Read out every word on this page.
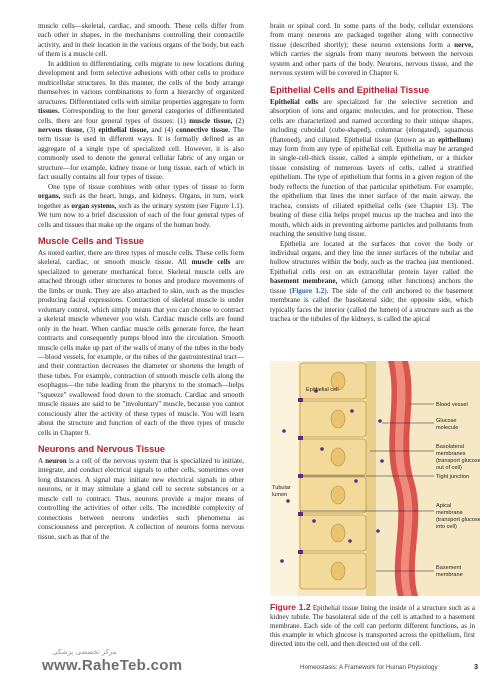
muscle cells—skeletal, cardiac, and smooth. These cells differ from each other in shapes, in the mechanisms controlling their contractile activity, and in their location in the various organs of the body, but each of them is a muscle cell.

In addition to differentiating, cells migrate to new locations during development and form selective adhesions with other cells to produce multicellular structures. In this manner, the cells of the body arrange themselves in various combinations to form a hierarchy of organized structures. Differentiated cells with similar properties aggregate to form tissues. Corresponding to the four general categories of differentiated cells, there are four general types of tissues: (1) muscle tissue, (2) nervous tissue, (3) epithelial tissue, and (4) connective tissue. The term tissue is used in different ways. It is formally defined as an aggregate of a single type of specialized cell. However, it is also commonly used to denote the general cellular fabric of any organ or structure—for example, kidney tissue or lung tissue, each of which in fact usually contains all four types of tissue.

One type of tissue combines with other types of tissue to form organs, such as the heart, lungs, and kidneys. Organs, in turn, work together as organ systems, such as the urinary system (see Figure 1.1). We turn now to a brief discussion of each of the four general types of cells and tissues that make up the organs of the human body.

Muscle Cells and Tissue

As noted earlier, there are three types of muscle cells. These cells form skeletal, cardiac, or smooth muscle tissue. All muscle cells are specialized to generate mechanical force. Skeletal muscle cells are attached through other structures to bones and produce movements of the limbs or trunk. They are also attached to skin, such as the muscles producing facial expressions. Contraction of skeletal muscle is under voluntary control, which simply means that you can choose to contract a skeletal muscle whenever you wish. Cardiac muscle cells are found only in the heart. When cardiac muscle cells generate force, the heart contracts and consequently pumps blood into the circulation. Smooth muscle cells make up part of the walls of many of the tubes in the body—blood vessels, for example, or the tubes of the gastrointestinal tract—and their contraction decreases the diameter or shortens the length of these tubes. For example, contraction of smooth muscle cells along the esophagus—the tube leading from the pharynx to the stomach—helps "squeeze" swallowed food down to the stomach. Cardiac and smooth muscle tissues are said to be "involuntary" muscle, because you cannot consciously alter the activity of these types of muscle. You will learn about the structure and function of each of the three types of muscle cells in Chapter 9.

Neurons and Nervous Tissue

A neuron is a cell of the nervous system that is specialized to initiate, integrate, and conduct electrical signals to other cells, sometimes over long distances. A signal may initiate new electrical signals in other neurons, or it may stimulate a gland cell to secrete substances or a muscle cell to contract. Thus, neurons provide a major means of controlling the activities of other cells. The incredible complexity of connections between neurons underlies such phenomena as consciousness and perception. A collection of neurons forms nervous tissue, such as that of the

brain or spinal cord. In some parts of the body, cellular extensions from many neurons are packaged together along with connective tissue (described shortly); these neuron extensions form a nerve, which carries the signals from many neurons between the nervous system and other parts of the body. Neurons, nervous tissue, and the nervous system will be covered in Chapter 6.

Epithelial Cells and Epithelial Tissue

Epithelial cells are specialized for the selective secretion and absorption of ions and organic molecules, and for protection. These cells are characterized and named according to their unique shapes, including cuboidal (cube-shaped), columnar (elongated), squamous (flattened), and ciliated. Epithelial tissue (known as an epithelium) may form from any type of epithelial cell. Epithelia may be arranged in single-cell-thick tissue, called a simple epithelium, or a thicker tissue consisting of numerous layers of cells, called a stratified epithelium. The type of epithelium that forms in a given region of the body reflects the function of that particular epithelium. For example, the epithelium that lines the inner surface of the main airway, the trachea, consists of ciliated epithelial cells (see Chapter 13). The beating of these cilia helps propel mucus up the trachea and into the mouth, which aids in preventing airborne particles and pollutants from reaching the sensitive lung tissue.

Epithelia are located at the surfaces that cover the body or individual organs, and they line the inner surfaces of the tubular and hollow structures within the body, such as the trachea just mentioned. Epithelial cells rest on an extracellular protein layer called the basement membrane, which (among other functions) anchors the tissue (Figure 1.2). The side of the cell anchored to the basement membrane is called the basolateral side; the opposite side, which typically faces the interior (called the lumen) of a structure such as the trachea or the tubules of the kidneys, is called the apical

Epithelial cell
Blood vessel
Glucose
molecule
Basolateral
membranes
(transport glucose
out of cell)
Tight junction
Apical
membrane
(transport glucose
into cell)
Tubular
lumen
Basement
membrane
Figure 1.2 Epithelial tissue lining the inside of a structure such as a kidney tubule. The basolateral side of the cell is attached to a basement membrane. Each side of the cell can perform different functions, as in this example in which glucose is transported across the epithelium, first directed into the cell, and then directed out of the cell.
مرکز تخصصی پزشکی
www.RaheTeb.com	Homeostasis: A Framework for Human Physiology	3
